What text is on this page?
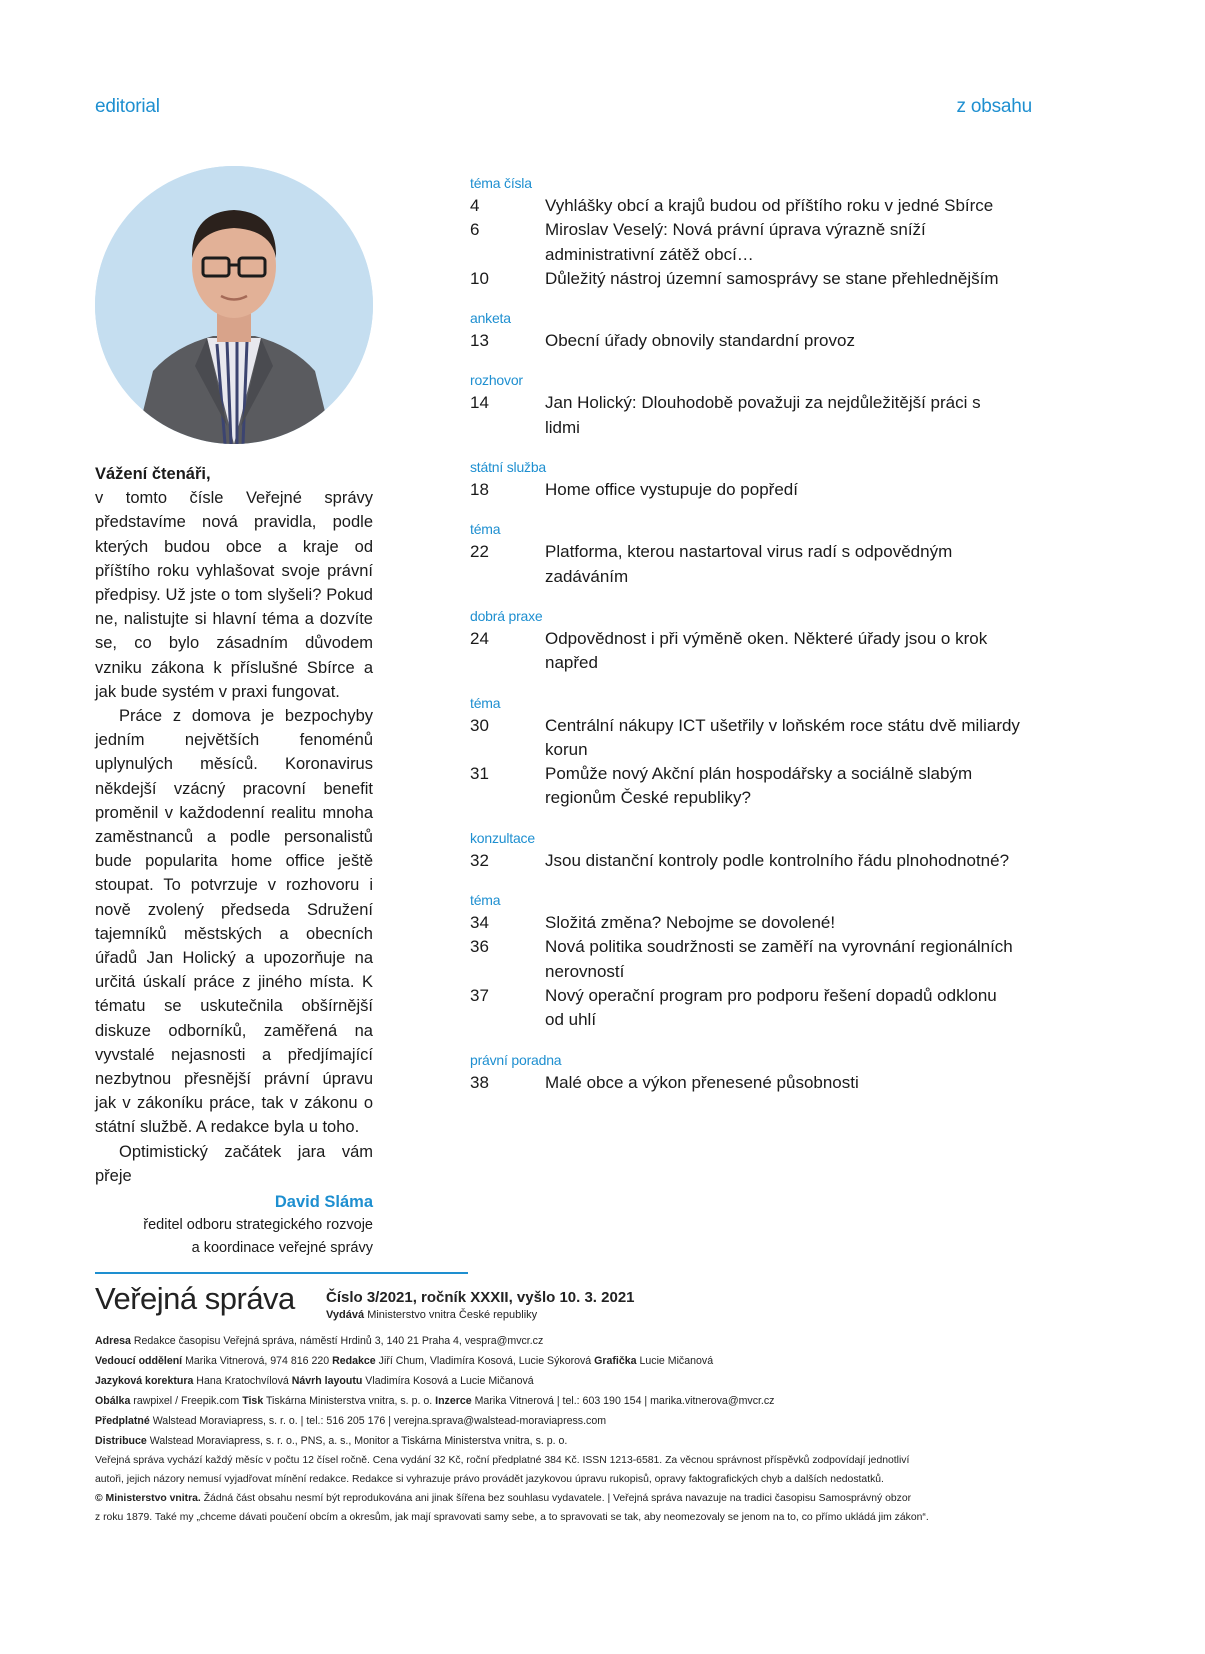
editorial	z obsahu
Vážení čtenáři,

v tomto čísle Veřejné správy představíme nová pravidla, podle kterých budou obce a kraje od příštího roku vyhlašovat svoje právní předpisy. Už jste o tom slyšeli? Pokud ne, nalistujte si hlavní téma a dozvíte se, co bylo zásadním důvodem vzniku zákona k příslušné Sbírce a jak bude systém v praxi fungovat.

Práce z domova je bezpochyby jedním největších fenoménů uplynulých měsíců. Koronavirus někdejší vzácný pracovní benefit proměnil v každodenní realitu mnoha zaměstnanců a podle personalistů bude popularita home office ještě stoupat. To potvrzuje v rozhovoru i nově zvolený předseda Sdružení tajemníků městských a obecních úřadů Jan Holický a upozorňuje na určitá úskalí práce z jiného místa. K tématu se uskutečnila obšírnější diskuze odborníků, zaměřená na vyvstalé nejasnosti a předjímající nezbytnou přesnější právní úpravu jak v zákoníku práce, tak v zákonu o státní službě. A redakce byla u toho.

Optimistický začátek jara vám přeje

David Sláma
ředitel odboru strategického rozvoje
a koordinace veřejné správy
téma čísla
4	Vyhlášky obcí a krajů budou od příštího roku v jedné Sbírce
6	Miroslav Veselý: Nová právní úprava výrazně sníží administrativní zátěž obcí…
10	Důležitý nástroj územní samosprávy se stane přehlednějším
anketa
13	Obecní úřady obnovily standardní provoz
rozhovor
14	Jan Holický: Dlouhodobě považuji za nejdůležitější práci s lidmi
státní služba
18	Home office vystupuje do popředí
téma
22	Platforma, kterou nastartoval virus radí s odpovědným zadáváním
dobrá praxe
24	Odpovědnost i při výměně oken. Některé úřady jsou o krok napřed
téma
30	Centrální nákupy ICT ušetřily v loňském roce státu dvě miliardy korun
31	Pomůže nový Akční plán hospodářsky a sociálně slabým regionům České republiky?
konzultace
32	Jsou distanční kontroly podle kontrolního řádu plnohodnotné?
téma
34	Složitá změna? Nebojme se dovolené!
36	Nová politika soudržnosti se zaměří na vyrovnání regionálních nerovností
37	Nový operační program pro podporu řešení dopadů odklonu od uhlí
právní poradna
38	Malé obce a výkon přenesené působnosti
Veřejná správa Číslo 3/2021, ročník XXXII, vyšlo 10. 3. 2021
Vydává Ministerstvo vnitra České republiky
Adresa Redakce časopisu Veřejná správa, náměstí Hrdinů 3, 140 21 Praha 4, vespra@mvcr.cz
Vedoucí oddělení Marika Vitnerová, 974 816 220 Redakce Jiří Chum, Vladimíra Kosová, Lucie Sýkorová Grafička Lucie Mičanová
Jazyková korektura Hana Kratochvílová Návrh layoutu Vladimíra Kosová a Lucie Mičanová
Obálka rawpixel / Freepik.com Tisk Tiskárna Ministerstva vnitra, s. p. o. Inzerce Marika Vitnerová | tel.: 603 190 154 | marika.vitnerova@mvcr.cz
Předplatné Walstead Moraviapress, s. r. o. | tel.: 516 205 176 | verejna.sprava@walstead-moraviapress.com
Distribuce Walstead Moraviapress, s. r. o., PNS, a. s., Monitor a Tiskárna Ministerstva vnitra, s. p. o.
Veřejná správa vychází každý měsíc v počtu 12 čísel ročně. Cena vydání 32 Kč, roční předplatné 384 Kč. ISSN 1213-6581. Za věcnou správnost příspěvků zodpovídají jednotliví
autoři, jejich názory nemusí vyjadřovat mínění redakce. Redakce si vyhrazuje právo provádět jazykovou úpravu rukopisů, opravy faktografických chyb a dalších nedostatků.
© Ministerstvo vnitra. Žádná část obsahu nesmí být reprodukována ani jinak šířena bez souhlasu vydavatele. | Veřejná správa navazuje na tradici časopisu Samosprávný obzor
z roku 1879. Také my „chceme dávati poučení obcím a okresům, jak mají spravovati samy sebe, a to spravovati se tak, aby neomezovaly se jenom na to, co přímo ukládá jim zákon“.
